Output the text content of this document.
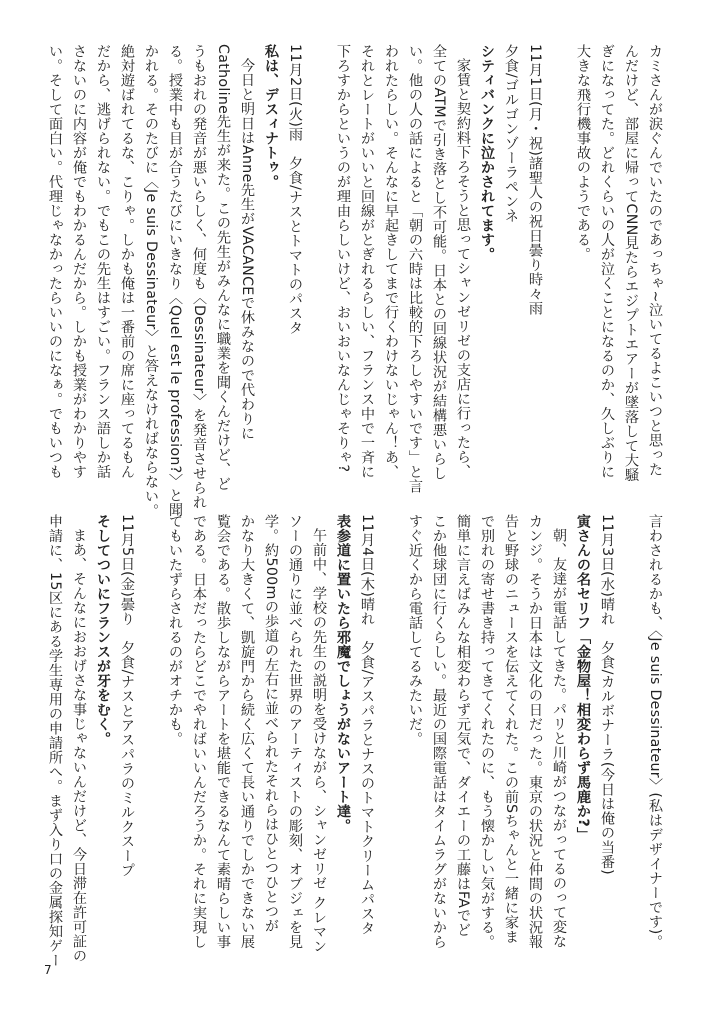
カミさんが涙ぐんでいたのであっちゃ~泣いてるよこいつと思った
んだけど、部屋に帰ってCNN見たらエジプトエアーが墜落して大騒
ぎになってた。どれくらいの人が泣くことになるのか、久しぶりに
大きな飛行機事故のようである。
11月1日(月・祝)諸聖人の祝日曇り時々雨
夕食/ゴルゴンゾーラペンネ
シティバンクに泣かされてます。
家賃と契約料下ろそうと思ってシャンゼリゼの支店に行ったら、
全てのATMで引き落とし不可能。日本との回線状況が結構悪いらし
い。他の人の話によると「朝の六時は比較的下ろしやすいです」と言
われたらしい。そんなに早起きしてまで行くわけないじゃん！あ、
それとレートがいいと回線がとぎれるらしい、フランス中で一斉に
下ろすからというのが理由らしいけど、おいおいなんじゃそりゃ?
11月2日(火)雨　夕食/ナスとトマトのパスタ
私は、デスィナトゥ。
今日と明日はAnne先生がVACANCEで休みなので代わりに
Catholine先生が来た。この先生がみんなに職業を聞くんだけど、ど
うもおれの発音が悪いらしく、何度も〈Dessinateur〉を発音させられ
る。授業中も目が合うたびにいきなり〈Quel est le profession?〉と聞
かれる。そのたびに〈Je suis Dessinateur〉と答えなければならない。
絶対遊ばれてるな、こりゃ。しかも俺は一番前の席に座ってるもん
だから、逃げられない。でもこの先生はすごい。フランス語しか話
さないのに内容が俺でもわかるんだから。しかも授業がわかりやす
い。そして面白い。代理じゃなかったらいいのになぁ。でもいつも
言わされるかも、〈Je suis Dessinateur〉(私はデザイナーです)。
11月3日(水)晴れ　夕食/カルボナーラ(今日は俺の当番)
寅さんの名セリフ「金物屋！相変わらず馬鹿か?」
朝、友達が電話してきた。パリと川崎がつながってるのって変な
カンジ。そうか日本は文化の日だった。東京の状況と仲間の状況報
告と野球のニュースを伝えてくれた。この前Sちゃんと一緒に家ま
で別れの寄せ書き持ってきてくれたのに、もう懐かしい気がする。
簡単に言えばみんな相変わらず元気で、ダイエーの工藤はFAでど
こか他球団に行くらしい。最近の国際電話はタイムラグがないから
すぐ近くから電話してるみたいだ。
11月4日(木)晴れ　夕食/アスパラとナスのトマトクリームパスタ
表参道に置いたら邪魔でしょうがないアート達。
午前中、学校の先生の説明を受けながら、シャンゼリゼ クレマン
ソーの通りに並べられた世界のアーティストの彫刻、オブジェを見
学。約500mの歩道の左右に並べられたそれらはひとつひとつが
かなり大きくて、凱旋門から続く広くて長い通りでしかできない展
覧会である。散歩しながらアートを堪能できるなんて素晴らしい事
である。日本だったらどこでやればいいんだろうか。それに実現し
てもいたずらされるのがオチかも。
11月5日(金)曇り　夕食/ナスとアスパラのミルクスープ
そしてついにフランスが牙をむく。
まあ、そんなにおおげさな事じゃないんだけど、今日滞在許可証の
申請に、15区にある学生専用の申請所へ。まず入り口の金属探知ゲー
7
